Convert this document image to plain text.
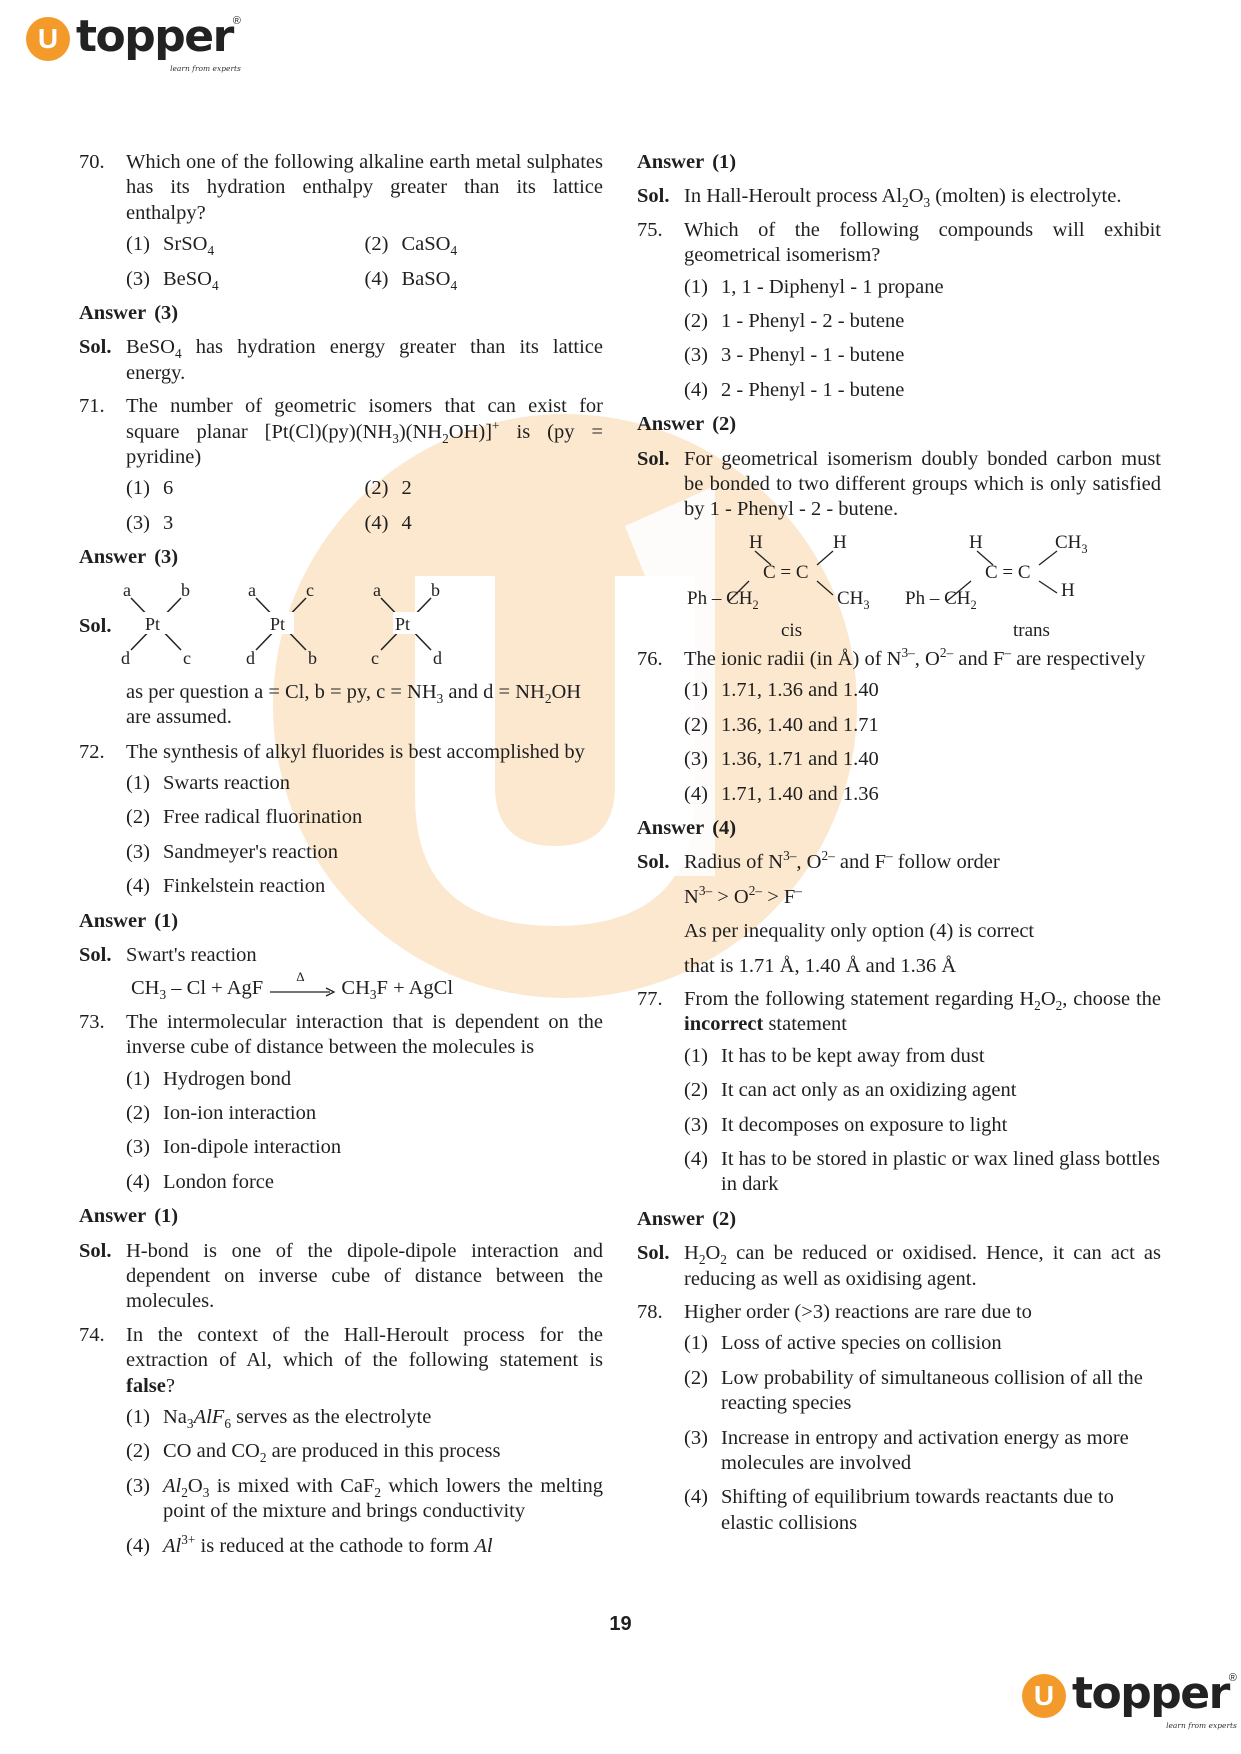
U topper ®
learn from experts
70. Which one of the following alkaline earth metal sulphates has its hydration enthalpy greater than its lattice enthalpy?
(1) SrSO$_4$	(2) CaSO$_4$
(3) BeSO$_4$	(4) BaSO$_4$
Answer (3)
Sol. BeSO$_4$ has hydration energy greater than its lattice energy.
71. The number of geometric isomers that can exist for square planar $[Pt(Cl)(py)(NH_3)(NH_2OH)]^+$ is (py = pyridine)
(1) 6	(2) 2
(3) 3	(4) 4
Answer (3)
Sol.
a	b
d	c
Pt
a	c
d	b
Pt
a	b
c	d
Pt
as per question a = Cl, b = py, $c = NH_3$ and $d = NH_2OH$ are assumed.
72. The synthesis of alkyl fluorides is best accomplished by
(1) Swarts reaction
(2) Free radical fluorination
(3) Sandmeyer's reaction
(4) Finkelstein reaction
Answer (1)
Sol. Swart's reaction
$CH_3$ – Cl + AgF
Δ
$CH_3F$ + AgCl
73. The intermolecular interaction that is dependent on the inverse cube of distance between the molecules is
(1) Hydrogen bond
(2) Ion-ion interaction
(3) Ion-dipole interaction
(4) London force
Answer (1)
Sol. H-bond is one of the dipole-dipole interaction and dependent on inverse cube of distance between the molecules.
74. In the context of the Hall-Heroult process for the extraction of Al, which of the following statement is false?
(1) $Na_3AlF_6$ serves as the electrolyte
(2) CO and $CO_2$ are produced in this process
(3) $Al_2O_3$ is mixed with CaF$_2$ which lowers the melting point of the mixture and brings conductivity
(4) $Al^{3+}$ is reduced at the cathode to form Al
Answer (1)
Sol. In Hall-Heroult process $Al_2O_3$ (molten) is electrolyte.
75. Which of the following compounds will exhibit geometrical isomerism?
(1) 1, 1 - Diphenyl - 1 propane
(2) 1 - Phenyl - 2 - butene
(3) 3 - Phenyl - 1 - butene
(4) 2 - Phenyl - 1 - butene
Answer (2)
Sol. For geometrical isomerism doubly bonded carbon must be bonded to two different groups which is only satisfied by 1 - Phenyl - 2 - butene.
H
C = C
H
Ph – $CH_2$	$CH_3$
cis
H
C = C
$CH_3$
Ph – $CH_2$
H
trans
76. The ionic radii (in Å) of $N^{3-}$, $O^{2-}$ and F– are respectively
(1) 1.71, 1.36 and 1.40
(2) 1.36, 1.40 and 1.71
(3) 1.36, 1.71 and 1.40
(4) 1.71, 1.40 and 1.36
Answer (4)
Sol. Radius of $N^{3-}$, $O^{2-}$ and F– follow order
$N^{3-} > O^{2-} > F^-$
As per inequality only option (4) is correct
that is 1.71 Å, 1.40 Å and 1.36 Å
77. From the following statement regarding $H_2O_2$, choose the incorrect statement
(1) It has to be kept away from dust
(2) It can act only as an oxidizing agent
(3) It decomposes on exposure to light
(4) It has to be stored in plastic or wax lined glass bottles in dark
Answer (2)
Sol. $H_2O_2$ can be reduced or oxidised. Hence, it can act as reducing as well as oxidising agent.
78. Higher order (>3) reactions are rare due to
(1) Loss of active species on collision
(2) Low probability of simultaneous collision of all the reacting species
(3) Increase in entropy and activation energy as more molecules are involved
(4) Shifting of equilibrium towards reactants due to elastic collisions
19
U topper ®
learn from experts
